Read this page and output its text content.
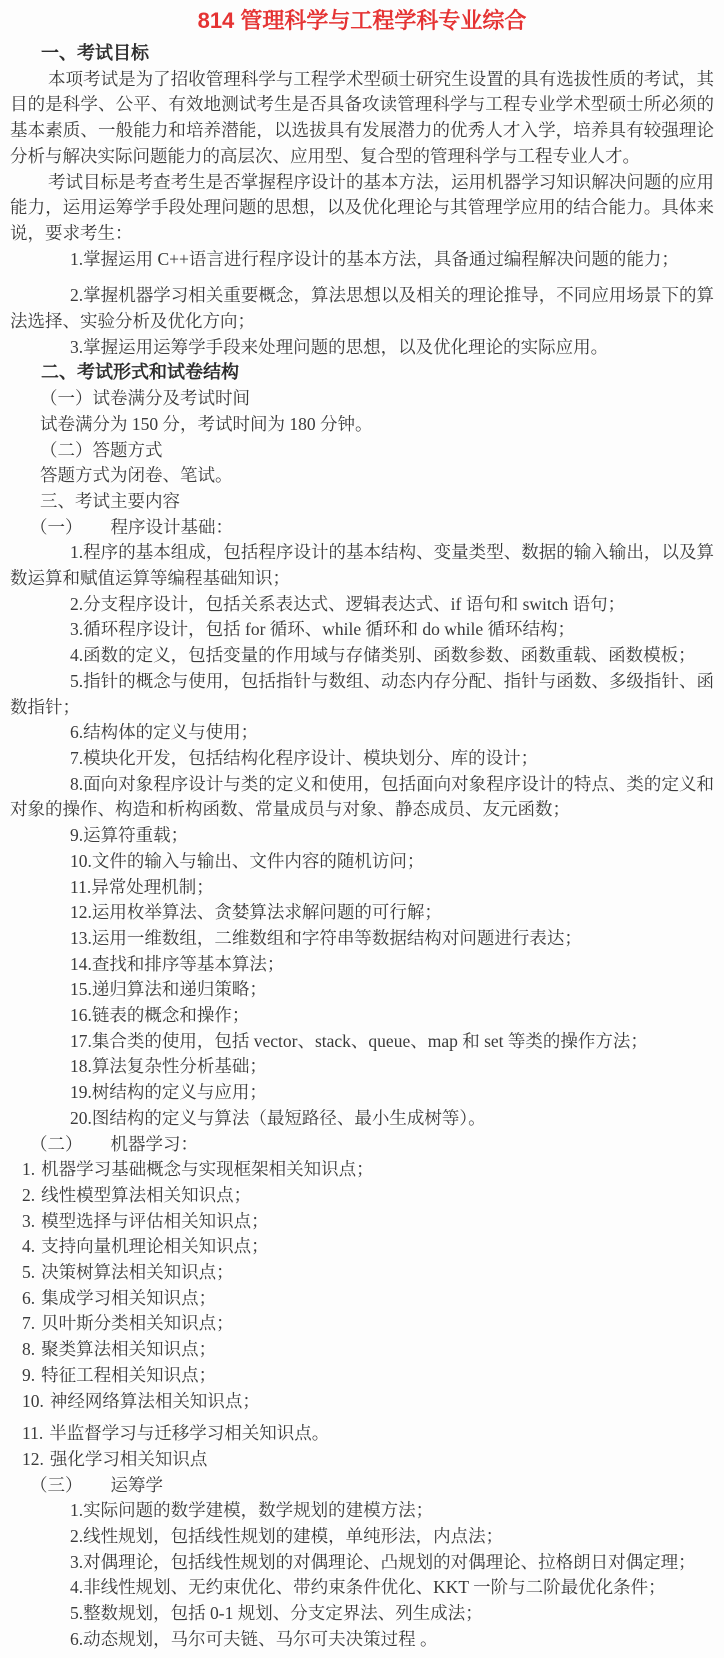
814 管理科学与工程学科专业综合
一、考试目标
本项考试是为了招收管理科学与工程学术型硕士研究生设置的具有选拔性质的考试，其目的是科学、公平、有效地测试考生是否具备攻读管理科学与工程专业学术型硕士所必须的基本素质、一般能力和培养潜能，以选拔具有发展潜力的优秀人才入学，培养具有较强理论分析与解决实际问题能力的高层次、应用型、复合型的管理科学与工程专业人才。
考试目标是考查考生是否掌握程序设计的基本方法，运用机器学习知识解决问题的应用能力，运用运筹学手段处理问题的思想，以及优化理论与其管理学应用的结合能力。具体来说，要求考生：
1.掌握运用 C++语言进行程序设计的基本方法，具备通过编程解决问题的能力；
2.掌握机器学习相关重要概念，算法思想以及相关的理论推导，不同应用场景下的算法选择、实验分析及优化方向；
3.掌握运用运筹学手段来处理问题的思想，以及优化理论的实际应用。
二、考试形式和试卷结构
（一）试卷满分及考试时间
试卷满分为 150 分，考试时间为 180 分钟。
（二）答题方式
答题方式为闭卷、笔试。
三、考试主要内容
（一） 程序设计基础：
1.程序的基本组成，包括程序设计的基本结构、变量类型、数据的输入输出，以及算数运算和赋值运算等编程基础知识；
2.分支程序设计，包括关系表达式、逻辑表达式、if 语句和 switch 语句；
3.循环程序设计，包括 for 循环、while 循环和 do while 循环结构；
4.函数的定义，包括变量的作用域与存储类别、函数参数、函数重载、函数模板；
5.指针的概念与使用，包括指针与数组、动态内存分配、指针与函数、多级指针、函数指针；
6.结构体的定义与使用；
7.模块化开发，包括结构化程序设计、模块划分、库的设计；
8.面向对象程序设计与类的定义和使用，包括面向对象程序设计的特点、类的定义和对象的操作、构造和析构函数、常量成员与对象、静态成员、友元函数；
9.运算符重载；
10.文件的输入与输出、文件内容的随机访问；
11.异常处理机制；
12.运用枚举算法、贪婪算法求解问题的可行解；
13.运用一维数组，二维数组和字符串等数据结构对问题进行表达；
14.查找和排序等基本算法；
15.递归算法和递归策略；
16.链表的概念和操作；
17.集合类的使用，包括 vector、stack、queue、map 和 set 等类的操作方法；
18.算法复杂性分析基础；
19.树结构的定义与应用；
20.图结构的定义与算法（最短路径、最小生成树等）。
（二） 机器学习：
1. 机器学习基础概念与实现框架相关知识点；
2. 线性模型算法相关知识点；
3. 模型选择与评估相关知识点；
4. 支持向量机理论相关知识点；
5. 决策树算法相关知识点；
6. 集成学习相关知识点；
7. 贝叶斯分类相关知识点；
8. 聚类算法相关知识点；
9. 特征工程相关知识点；
10. 神经网络算法相关知识点；
11. 半监督学习与迁移学习相关知识点。
12. 强化学习相关知识点
（三） 运筹学
1.实际问题的数学建模，数学规划的建模方法；
2.线性规划，包括线性规划的建模，单纯形法，内点法；
3.对偶理论，包括线性规划的对偶理论、凸规划的对偶理论、拉格朗日对偶定理；
4.非线性规划、无约束优化、带约束条件优化、KKT 一阶与二阶最优化条件；
5.整数规划，包括 0-1 规划、分支定界法、列生成法；
6.动态规划，马尔可夫链、马尔可夫决策过程 。
